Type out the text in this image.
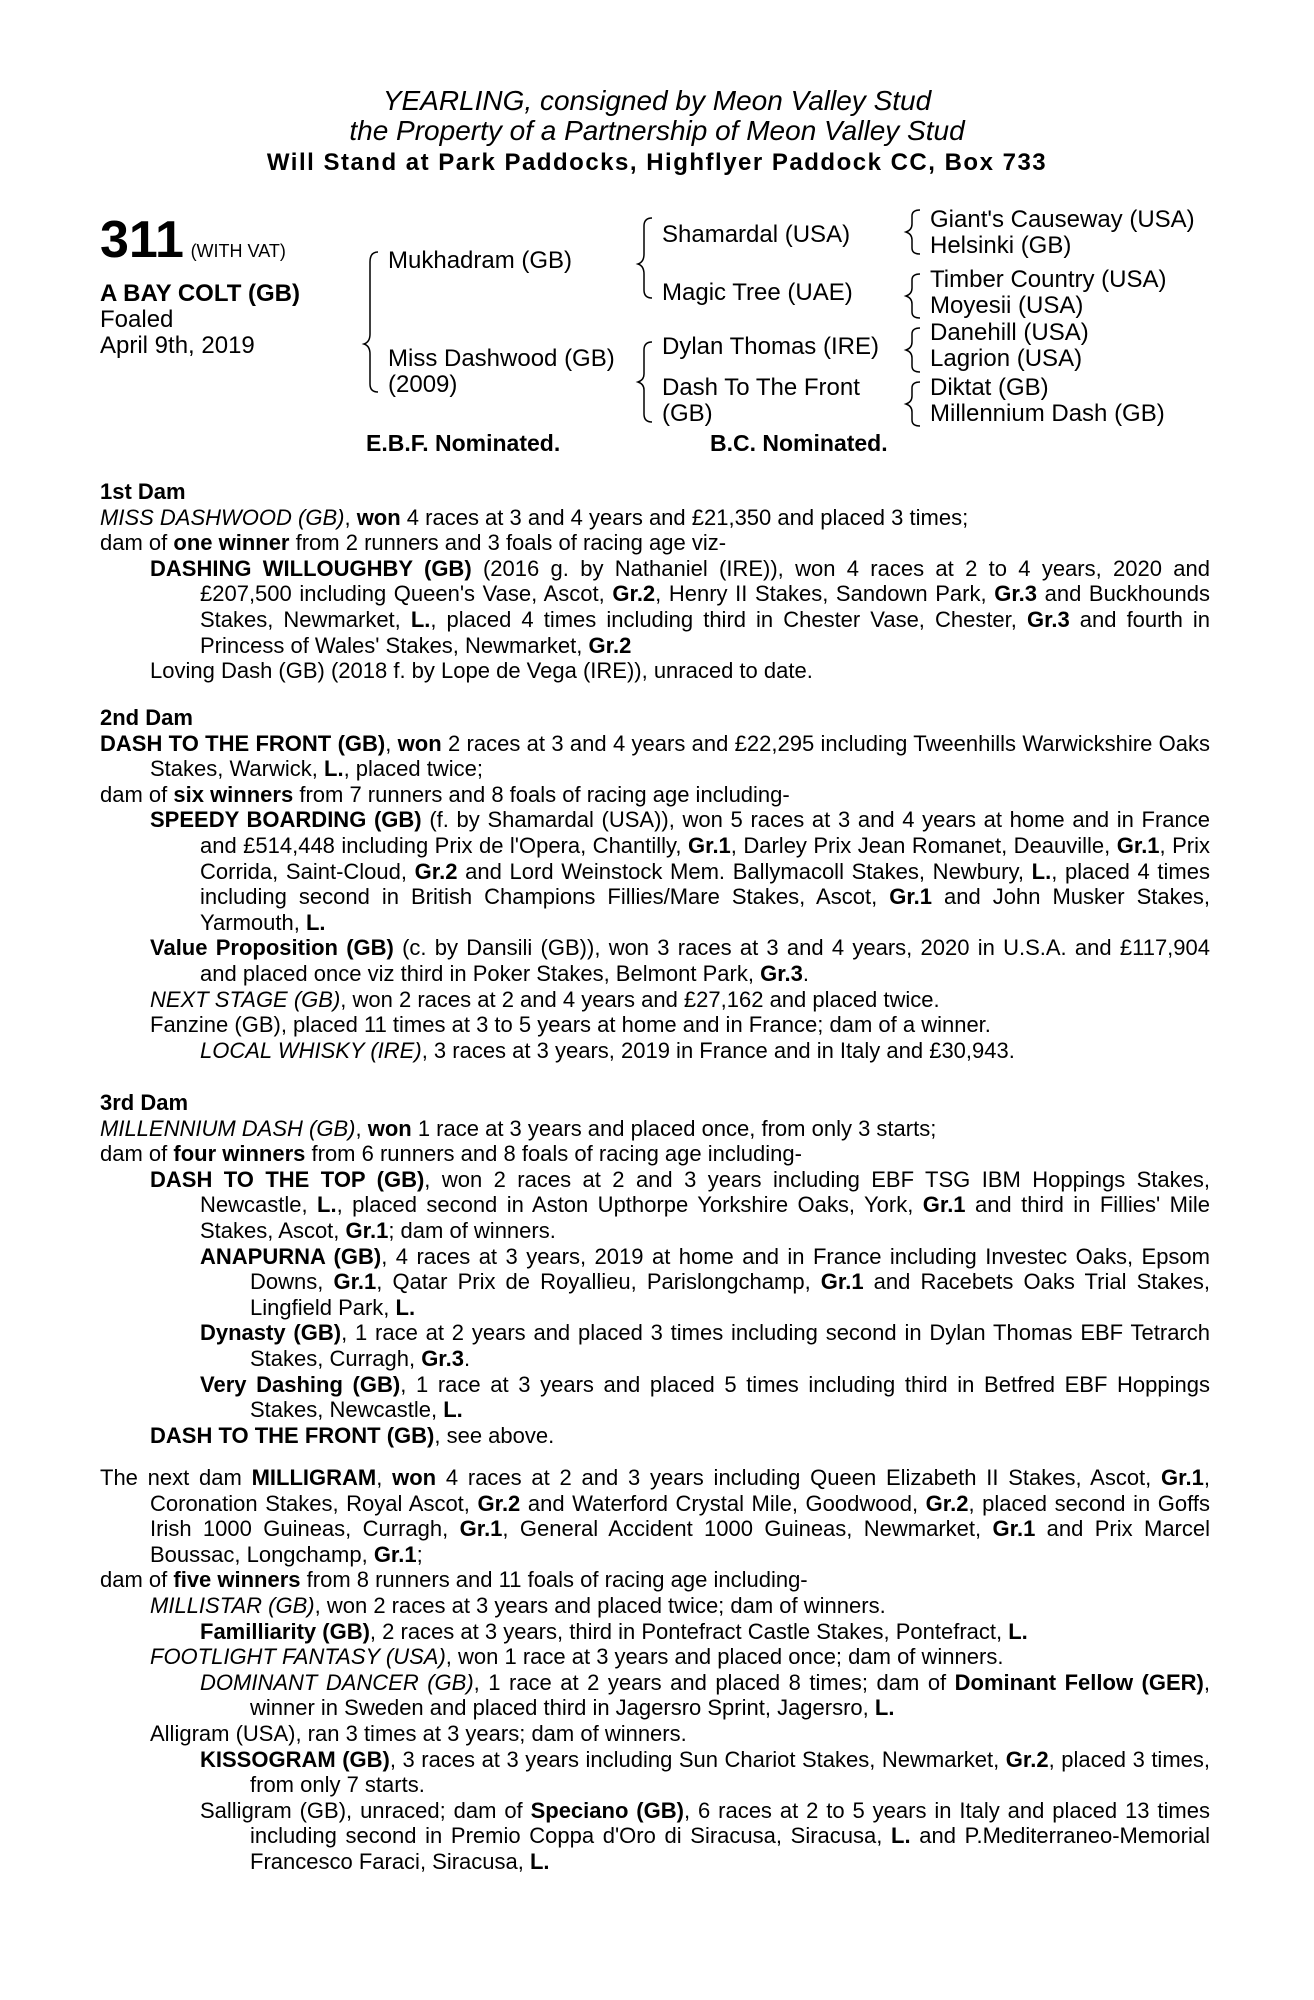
YEARLING, consigned by Meon Valley Stud
the Property of a Partnership of Meon Valley Stud
Will Stand at Park Paddocks, Highflyer Paddock CC, Box 733
311 (WITH VAT)
A BAY COLT (GB)
Foaled
April 9th, 2019
Mukhadram (GB)
Miss Dashwood (GB)
(2009)
Shamardal (USA)
Magic Tree (UAE)
Dylan Thomas (IRE)
Dash To The Front
(GB)
Giant's Causeway (USA)
Helsinki (GB)
Timber Country (USA)
Moyesii (USA)
Danehill (USA)
Lagrion (USA)
Diktat (GB)
Millennium Dash (GB)
E.B.F. Nominated.	B.C. Nominated.

1st Dam

MISS DASHWOOD (GB), won 4 races at 3 and 4 years and £21,350 and placed 3 times;

dam of one winner from 2 runners and 3 foals of racing age viz-

DASHING WILLOUGHBY (GB) (2016 g. by Nathaniel (IRE)), won 4 races at 2 to 4 years, 2020 and £207,500 including Queen's Vase, Ascot, Gr.2, Henry II Stakes, Sandown Park, Gr.3 and Buckhounds Stakes, Newmarket, L., placed 4 times including third in Chester Vase, Chester, Gr.3 and fourth in Princess of Wales' Stakes, Newmarket, Gr.2

Loving Dash (GB) (2018 f. by Lope de Vega (IRE)), unraced to date.

2nd Dam

DASH TO THE FRONT (GB), won 2 races at 3 and 4 years and £22,295 including Tweenhills Warwickshire Oaks Stakes, Warwick, L., placed twice;

dam of six winners from 7 runners and 8 foals of racing age including-

SPEEDY BOARDING (GB) (f. by Shamardal (USA)), won 5 races at 3 and 4 years at home and in France and £514,448 including Prix de l'Opera, Chantilly, Gr.1, Darley Prix Jean Romanet, Deauville, Gr.1, Prix Corrida, Saint-Cloud, Gr.2 and Lord Weinstock Mem. Ballymacoll Stakes, Newbury, L., placed 4 times including second in British Champions Fillies/Mare Stakes, Ascot, Gr.1 and John Musker Stakes, Yarmouth, L.

Value Proposition (GB) (c. by Dansili (GB)), won 3 races at 3 and 4 years, 2020 in U.S.A. and £117,904 and placed once viz third in Poker Stakes, Belmont Park, Gr.3.

NEXT STAGE (GB), won 2 races at 2 and 4 years and £27,162 and placed twice.

Fanzine (GB), placed 11 times at 3 to 5 years at home and in France; dam of a winner.

LOCAL WHISKY (IRE), 3 races at 3 years, 2019 in France and in Italy and £30,943.

3rd Dam

MILLENNIUM DASH (GB), won 1 race at 3 years and placed once, from only 3 starts;

dam of four winners from 6 runners and 8 foals of racing age including-

DASH TO THE TOP (GB), won 2 races at 2 and 3 years including EBF TSG IBM Hoppings Stakes, Newcastle, L., placed second in Aston Upthorpe Yorkshire Oaks, York, Gr.1 and third in Fillies' Mile Stakes, Ascot, Gr.1; dam of winners.

ANAPURNA (GB), 4 races at 3 years, 2019 at home and in France including Investec Oaks, Epsom Downs, Gr.1, Qatar Prix de Royallieu, Parislongchamp, Gr.1 and Racebets Oaks Trial Stakes, Lingfield Park, L.

Dynasty (GB), 1 race at 2 years and placed 3 times including second in Dylan Thomas EBF Tetrarch Stakes, Curragh, Gr.3.

Very Dashing (GB), 1 race at 3 years and placed 5 times including third in Betfred EBF Hoppings Stakes, Newcastle, L.

DASH TO THE FRONT (GB), see above.

The next dam MILLIGRAM, won 4 races at 2 and 3 years including Queen Elizabeth II Stakes, Ascot, Gr.1, Coronation Stakes, Royal Ascot, Gr.2 and Waterford Crystal Mile, Goodwood, Gr.2, placed second in Goffs Irish 1000 Guineas, Curragh, Gr.1, General Accident 1000 Guineas, Newmarket, Gr.1 and Prix Marcel Boussac, Longchamp, Gr.1;

dam of five winners from 8 runners and 11 foals of racing age including-

MILLISTAR (GB), won 2 races at 3 years and placed twice; dam of winners.

Familliarity (GB), 2 races at 3 years, third in Pontefract Castle Stakes, Pontefract, L.

FOOTLIGHT FANTASY (USA), won 1 race at 3 years and placed once; dam of winners.

DOMINANT DANCER (GB), 1 race at 2 years and placed 8 times; dam of Dominant Fellow (GER), winner in Sweden and placed third in Jagersro Sprint, Jagersro, L.

Alligram (USA), ran 3 times at 3 years; dam of winners.

KISSOGRAM (GB), 3 races at 3 years including Sun Chariot Stakes, Newmarket, Gr.2, placed 3 times, from only 7 starts.

Salligram (GB), unraced; dam of Speciano (GB), 6 races at 2 to 5 years in Italy and placed 13 times including second in Premio Coppa d'Oro di Siracusa, Siracusa, L. and P.Mediterraneo-Memorial Francesco Faraci, Siracusa, L.
